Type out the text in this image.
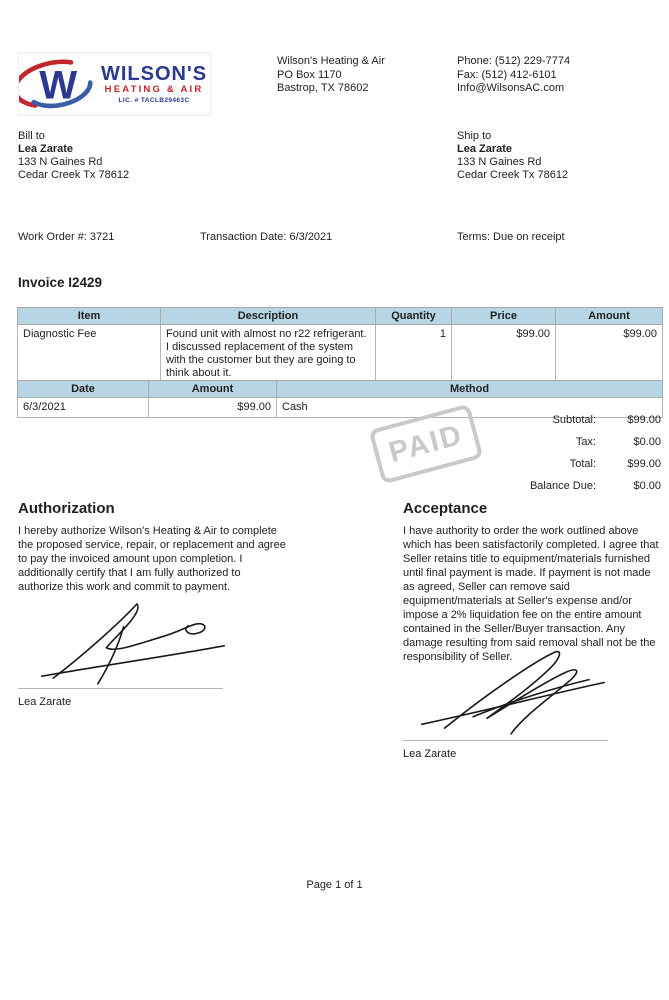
W WILSON'S
HEATING & AIR
LIC. # TACLB29463C
Wilson's Heating & Air
PO Box 1170
Bastrop, TX 78602
Phone: (512) 229-7774
Fax: (512) 412-6101
Info@WilsonsAC.com
Bill to
Lea Zarate
133 N Gaines Rd
Cedar Creek Tx 78612
Ship to
Lea Zarate
133 N Gaines Rd
Cedar Creek Tx 78612
Work Order #: 3721	Transaction Date: 6/3/2021	Terms: Due on receipt
Invoice I2429
Item	Description	Quantity	Price	Amount
Diagnostic Fee	Found unit with almost no r22 refrigerant. I discussed replacement of the system with the customer but they are going to think about it.	1	$99.00	$99.00
Date	Amount	Method
6/3/2021	$99.00	Cash
Subtotal:	$99.00
Tax:	$0.00
Total:	$99.00
Balance Due:	$0.00
PAID
Authorization
I hereby authorize Wilson's Heating & Air to complete the proposed service, repair, or replacement and agree to pay the invoiced amount upon completion. I additionally certify that I am fully authorized to authorize this work and commit to payment.
Lea Zarate
Acceptance
I have authority to order the work outlined above which has been satisfactorily completed. I agree that Seller retains title to equipment/materials furnished until final payment is made. If payment is not made as agreed, Seller can remove said equipment/materials at Seller's expense and/or impose a 2% liquidation fee on the entire amount contained in the Seller/Buyer transaction. Any damage resulting from said removal shall not be the responsibility of Seller.
Lea Zarate
Page 1 of 1
